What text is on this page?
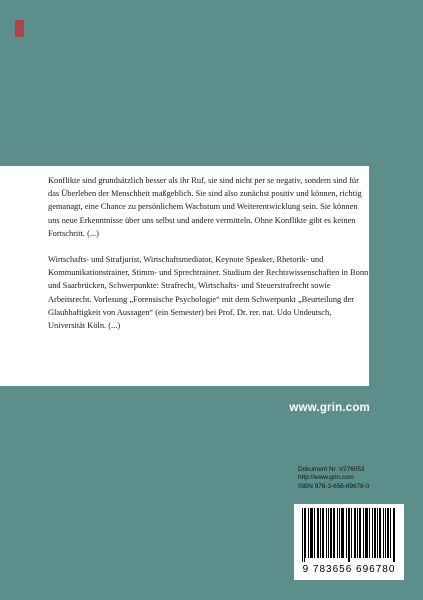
Konflikte sind grundsätzlich besser als ihr Ruf, sie sind nicht per se negativ, sondern sind für das Überleben der Menschheit maßgeblich. Sie sind also zunächst positiv und können, richtig gemanagt, eine Chance zu persönlichem Wachstum und Weiterentwicklung sein. Sie können uns neue Erkenntnisse über uns selbst und andere vermitteln. Ohne Konflikte gibt es keinen Fortschritt. (...)

Wirtschafts- und Strafjurist, Wirtschaftsmediator, Keynote Speaker, Rhetorik- und Kommunikationstrainer, Stimm- und Sprechtrainer. Studium der Rechtswissenschaften in Bonn und Saarbrücken, Schwerpunkte: Strafrecht, Wirtschafts- und Steuerstrafrecht sowie Arbeitsrecht. Vorlesung „Forensische Psychologie“ mit dem Schwerpunkt „Beurteilung der Glaubhaftigkeit von Aussagen“ (ein Semester) bei Prof. Dr. rer. nat. Udo Undeutsch, Universität Köln. (...)

www.grin.com
Dokument Nr. V276053
http://www.grin.com
ISBN 978-3-656-69678-0
9 783656 696780
